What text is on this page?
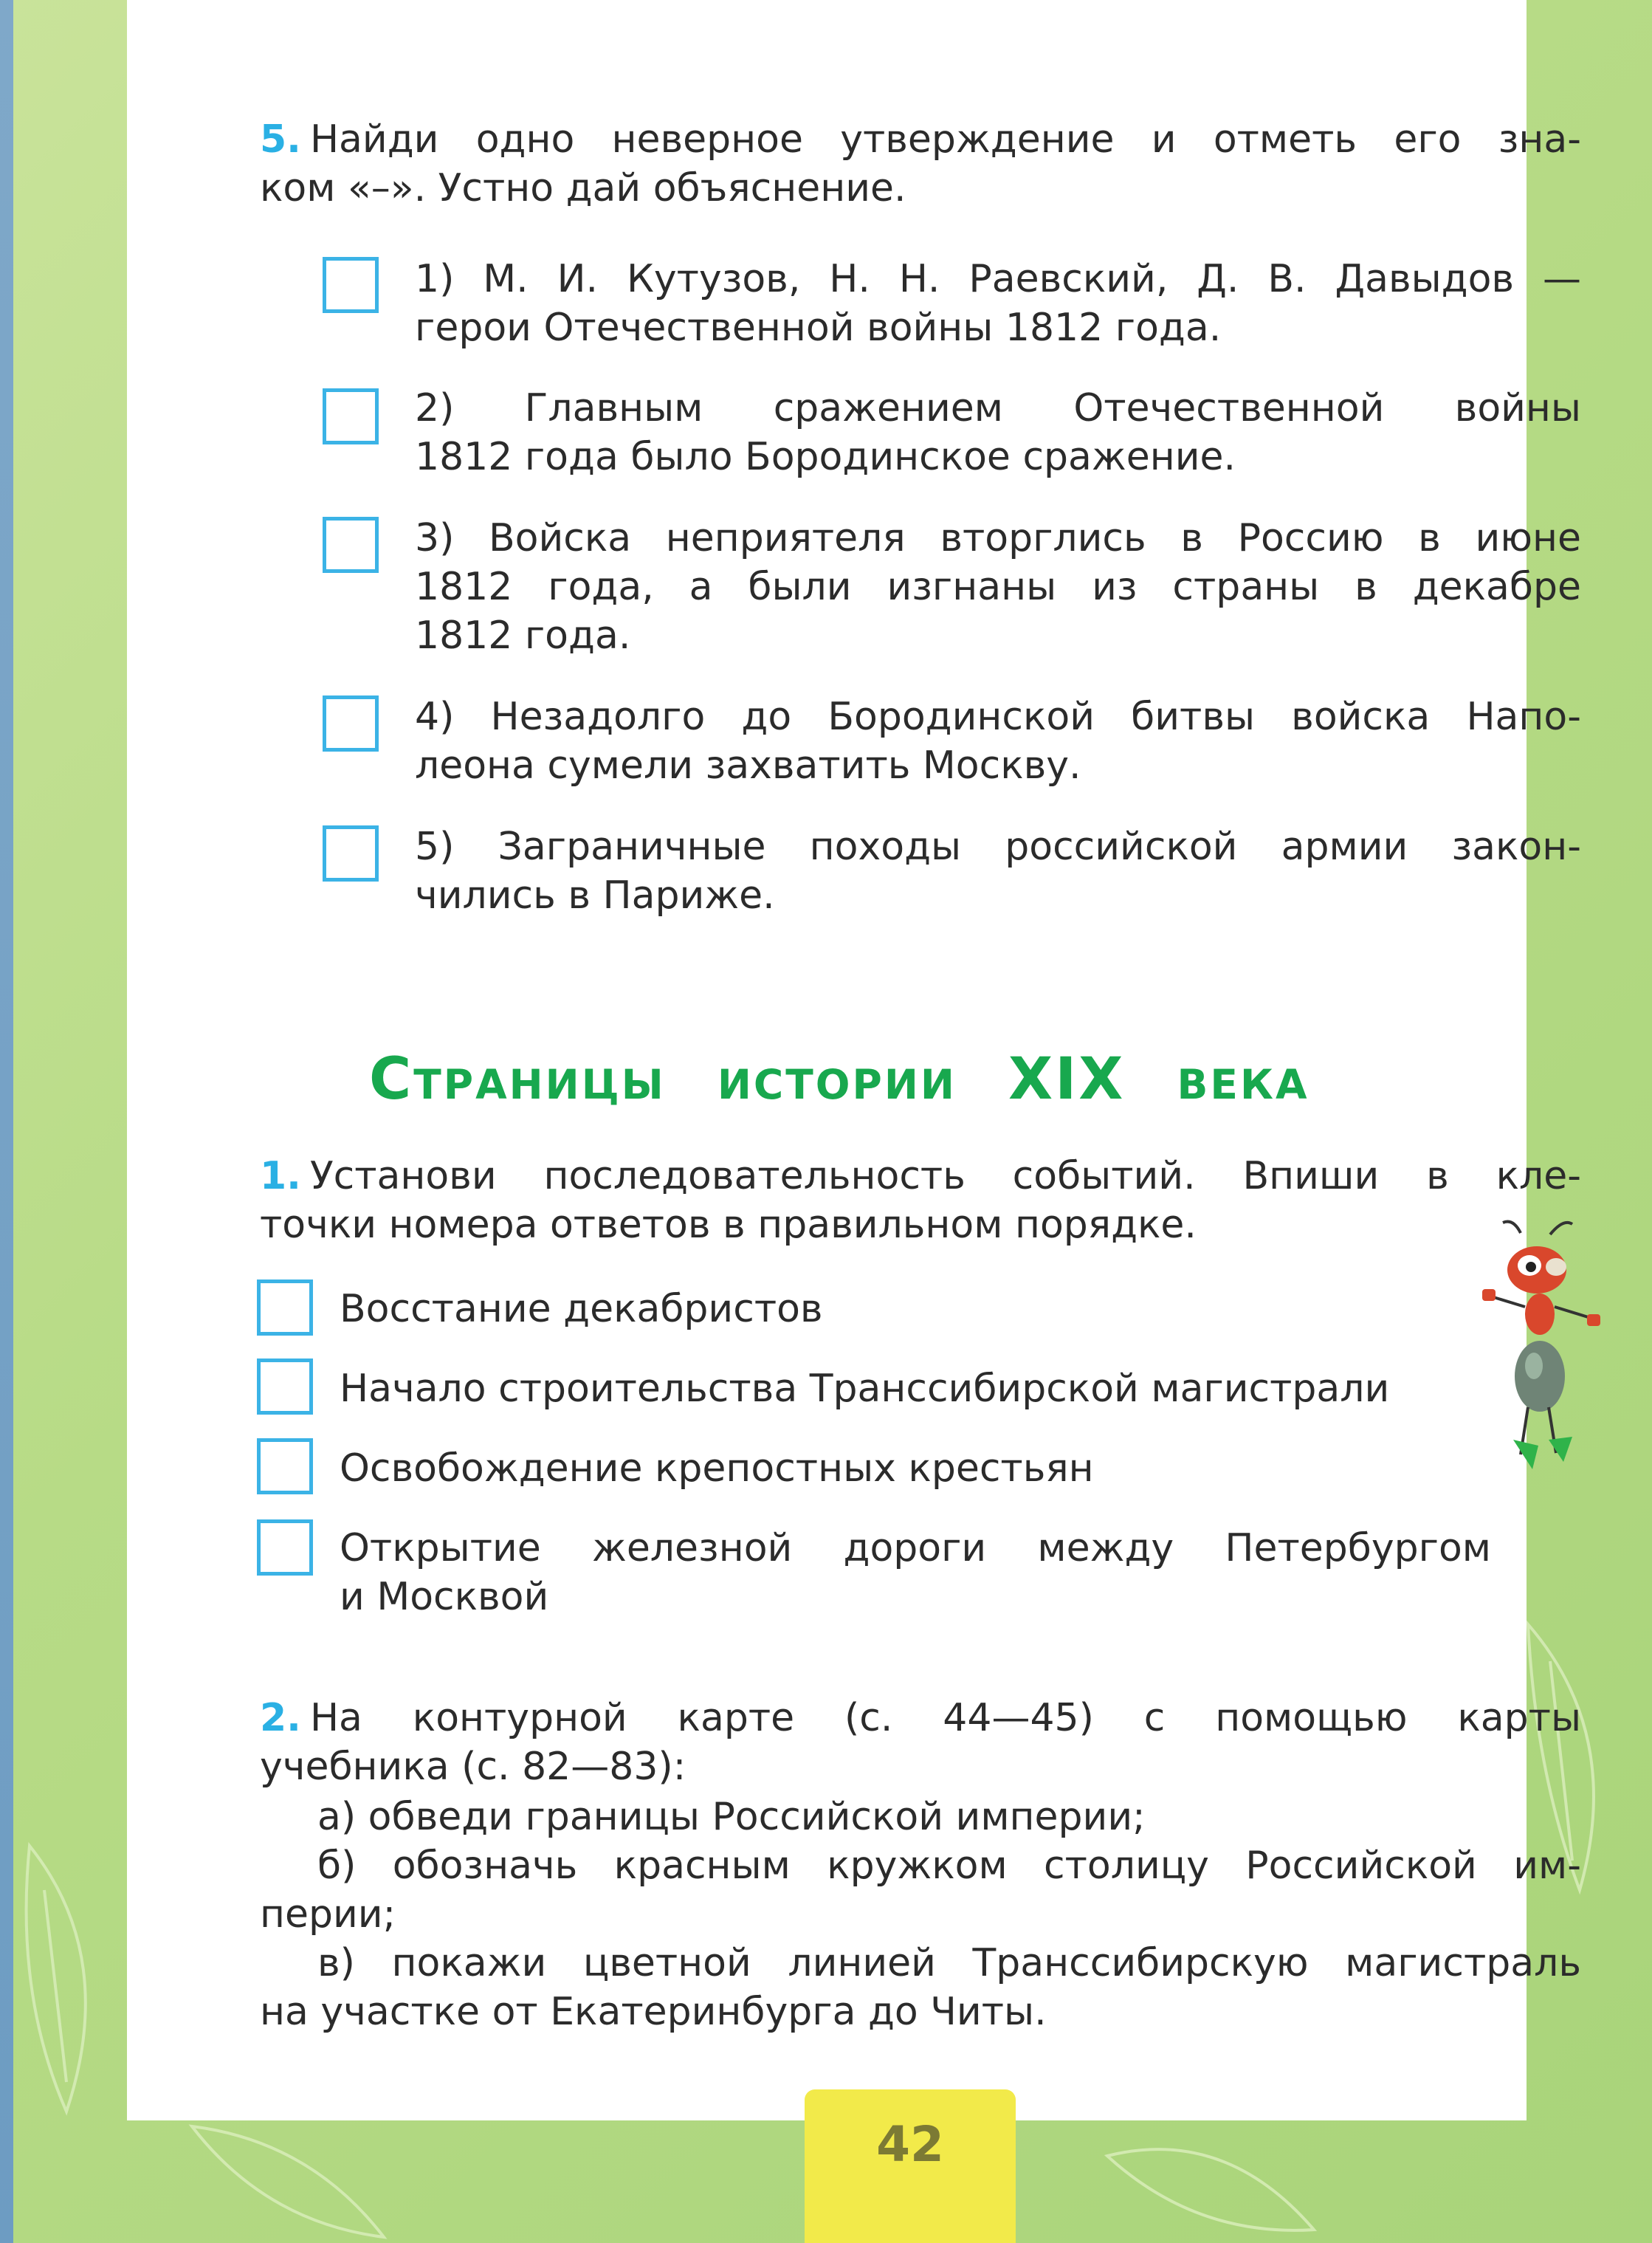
5. Найди одно неверное утверждение и отметь его зна-
ком «–». Устно дай объяснение.
1) М. И. Кутузов, Н. Н. Раевский, Д. В. Давыдов —
герои Отечественной войны 1812 года.
2) Главным сражением Отечественной войны
1812 года было Бородинское сражение.
3) Войска неприятеля вторглись в Россию в июне
1812 года, а были изгнаны из страны в декабре
1812 года.
4) Незадолго до Бородинской битвы войска Напо-
леона сумели захватить Москву.
5) Заграничные походы российской армии закон-
чились в Париже.
Страницы истории XIX века
1. Установи последовательность событий. Впиши в кле-
точки номера ответов в правильном порядке.
Восстание декабристов
Начало строительства Транссибирской магистрали
Освобождение крепостных крестьян
Открытие железной дороги между Петербургом
и Москвой
2. На контурной карте (с. 44—45) с помощью карты
учебника (с. 82—83):
а) обведи границы Российской империи;
б) обозначь красным кружком столицу Российской им-
перии;
в) покажи цветной линией Транссибирскую магистраль
на участке от Екатеринбурга до Читы.
42
